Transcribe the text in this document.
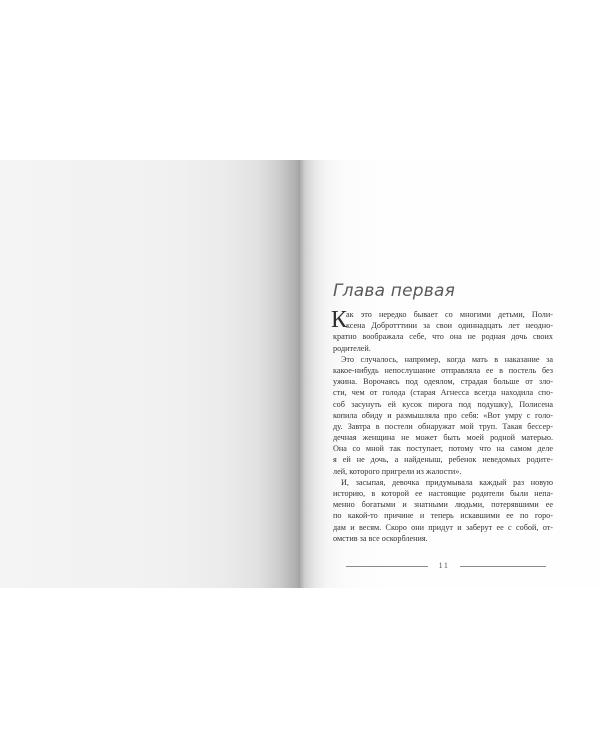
Глава первая
К
ак это нередко бывает со многими детьми, Поли-
ксена Добротттини за свои одиннадцать лет неодно-
кратно воображала себе, что она не родная дочь своих
родителей.
Это случалось, например, когда мать в наказание за
какое-нибудь непослушание отправляла ее в постель без
ужина. Ворочаясь под одеялом, страдая больше от зло-
сти, чем от голода (старая Агнесса всегда находила спо-
соб засунуть ей кусок пирога под подушку), Полисена
копила обиду и размышляла про себя: «Вот умру с голо-
ду. Завтра в постели обнаружат мой труп. Такая бессер-
дечная женщина не может быть моей родной матерью.
Она со мной так поступает, потому что на самом деле
я ей не дочь, а найденыш, ребенок неведомых родите-
лей, которого пригрели из жалости».
И, засыпая, девочка придумывала каждый раз новую
историю, в которой ее настоящие родители были непа-
менно богатыми и знатными людьми, потерявшими ее
по какой-то причине и теперь искавшими ее по горо-
дам и весям. Скоро они придут и заберут ее с собой, от-
омстив за все оскорбления.
11
